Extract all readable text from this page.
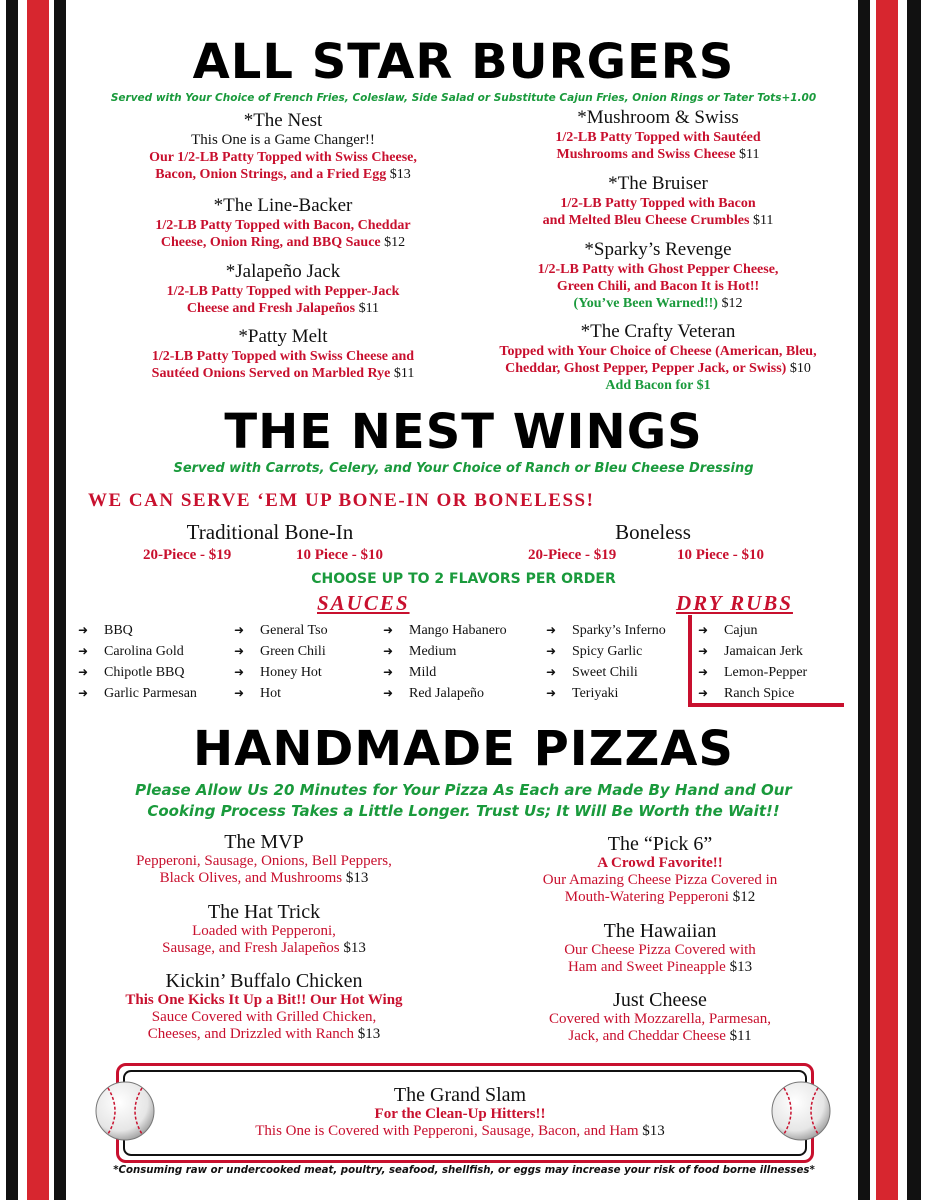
ALL STAR BURGERS
Served with Your Choice of French Fries, Coleslaw, Side Salad or Substitute Cajun Fries, Onion Rings or Tater Tots+1.00
*The Nest
This One is a Game Changer!!
Our 1/2-LB Patty Topped with Swiss Cheese,
Bacon, Onion Strings, and a Fried Egg $13
*The Line-Backer
1/2-LB Patty Topped with Bacon, Cheddar
Cheese, Onion Ring, and BBQ Sauce $12
*Jalapeño Jack
1/2-LB Patty Topped with Pepper-Jack
Cheese and Fresh Jalapeños $11
*Patty Melt
1/2-LB Patty Topped with Swiss Cheese and
Sautéed Onions Served on Marbled Rye $11
*Mushroom & Swiss
1/2-LB Patty Topped with Sautéed
Mushrooms and Swiss Cheese $11
*The Bruiser
1/2-LB Patty Topped with Bacon
and Melted Bleu Cheese Crumbles $11
*Sparky’s Revenge
1/2-LB Patty with Ghost Pepper Cheese,
Green Chili, and Bacon It is Hot!!
(You’ve Been Warned!!) $12
*The Crafty Veteran
Topped with Your Choice of Cheese (American, Bleu,
Cheddar, Ghost Pepper, Pepper Jack, or Swiss) $10
Add Bacon for $1
THE NEST WINGS
Served with Carrots, Celery, and Your Choice of Ranch or Bleu Cheese Dressing
WE CAN SERVE ‘EM UP BONE-IN OR BONELESS!
Traditional Bone-In
20-Piece - $19	10 Piece - $10
Boneless
20-Piece - $19	10 Piece - $10
CHOOSE UP TO 2 FLAVORS PER ORDER
SAUCES	DRY RUBS
➜ BBQ
➜ Carolina Gold
➜ Chipotle BBQ
➜ Garlic Parmesan
➜ General Tso
➜ Green Chili
➜ Honey Hot
➜ Hot
➜ Mango Habanero
➜ Medium
➜ Mild
➜ Red Jalapeño
➜ Sparky’s Inferno
➜ Spicy Garlic
➜ Sweet Chili
➜ Teriyaki
➜ Cajun
➜ Jamaican Jerk
➜ Lemon-Pepper
➜ Ranch Spice
HANDMADE PIZZAS
Please Allow Us 20 Minutes for Your Pizza As Each are Made By Hand and Our
Cooking Process Takes a Little Longer. Trust Us; It Will Be Worth the Wait!!
The MVP
Pepperoni, Sausage, Onions, Bell Peppers,
Black Olives, and Mushrooms $13
The Hat Trick
Loaded with Pepperoni,
Sausage, and Fresh Jalapeños $13
Kickin’ Buffalo Chicken
This One Kicks It Up a Bit!! Our Hot Wing
Sauce Covered with Grilled Chicken,
Cheeses, and Drizzled with Ranch $13
The “Pick 6”
A Crowd Favorite!!
Our Amazing Cheese Pizza Covered in
Mouth-Watering Pepperoni $12
The Hawaiian
Our Cheese Pizza Covered with
Ham and Sweet Pineapple $13
Just Cheese
Covered with Mozzarella, Parmesan,
Jack, and Cheddar Cheese $11
The Grand Slam
For the Clean-Up Hitters!!
This One is Covered with Pepperoni, Sausage, Bacon, and Ham $13
*Consuming raw or undercooked meat, poultry, seafood, shellfish, or eggs may increase your risk of food borne illnesses*
